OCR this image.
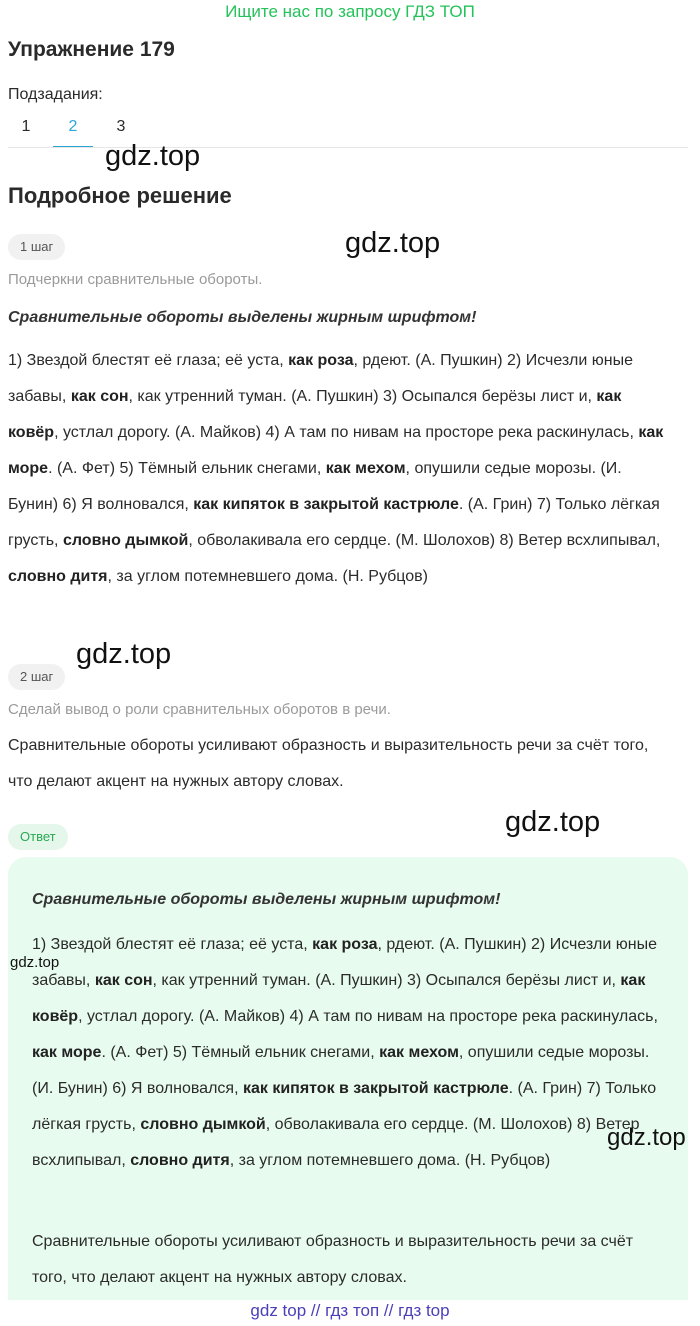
Ищите нас по запросу ГДЗ ТОП
Упражнение 179
Подзадания:
1	2	3
gdz.top
Подробное решение
gdz.top
1 шаг
Подчеркни сравнительные обороты.
Сравнительные обороты выделены жирным шрифтом!
1) Звездой блестят её глаза; её уста, как роза, рдеют. (А. Пушкин) 2) Исчезли юные забавы, как сон, как утренний туман. (А. Пушкин) 3) Осыпался берёзы лист и, как ковёр, устлал дорогу. (А. Майков) 4) А там по нивам на просторе река раскинулась, как море. (А. Фет) 5) Тёмный ельник снегами, как мехом, опушили седые морозы. (И. Бунин) 6) Я волновался, как кипяток в закрытой кастрюле. (А. Грин) 7) Только лёгкая грусть, словно дымкой, обволакивала его сердце. (М. Шолохов) 8) Ветер всхлипывал, словно дитя, за углом потемневшего дома. (Н. Рубцов)
gdz.top
2 шаг
Сделай вывод о роли сравнительных оборотов в речи.
Сравнительные обороты усиливают образность и выразительность речи за счёт того, что делают акцент на нужных автору словах.
gdz.top
Ответ
Сравнительные обороты выделены жирным шрифтом!
1) Звездой блестят её глаза; её уста, как роза, рдеют. (А. Пушкин) 2) Исчезли юные забавы, как сон, как утренний туман. (А. Пушкин) 3) Осыпался берёзы лист и, как ковёр, устлал дорогу. (А. Майков) 4) А там по нивам на просторе река раскинулась, как море. (А. Фет) 5) Тёмный ельник снегами, как мехом, опушили седые морозы. (И. Бунин) 6) Я волновался, как кипяток в закрытой кастрюле. (А. Грин) 7) Только лёгкая грусть, словно дымкой, обволакивала его сердце. (М. Шолохов) 8) Ветер всхлипывал, словно дитя, за углом потемневшего дома. (Н. Рубцов)
Сравнительные обороты усиливают образность и выразительность речи за счёт того, что делают акцент на нужных автору словах.
gdz.top
gdz.top
gdz top // гдз топ // гдз top
